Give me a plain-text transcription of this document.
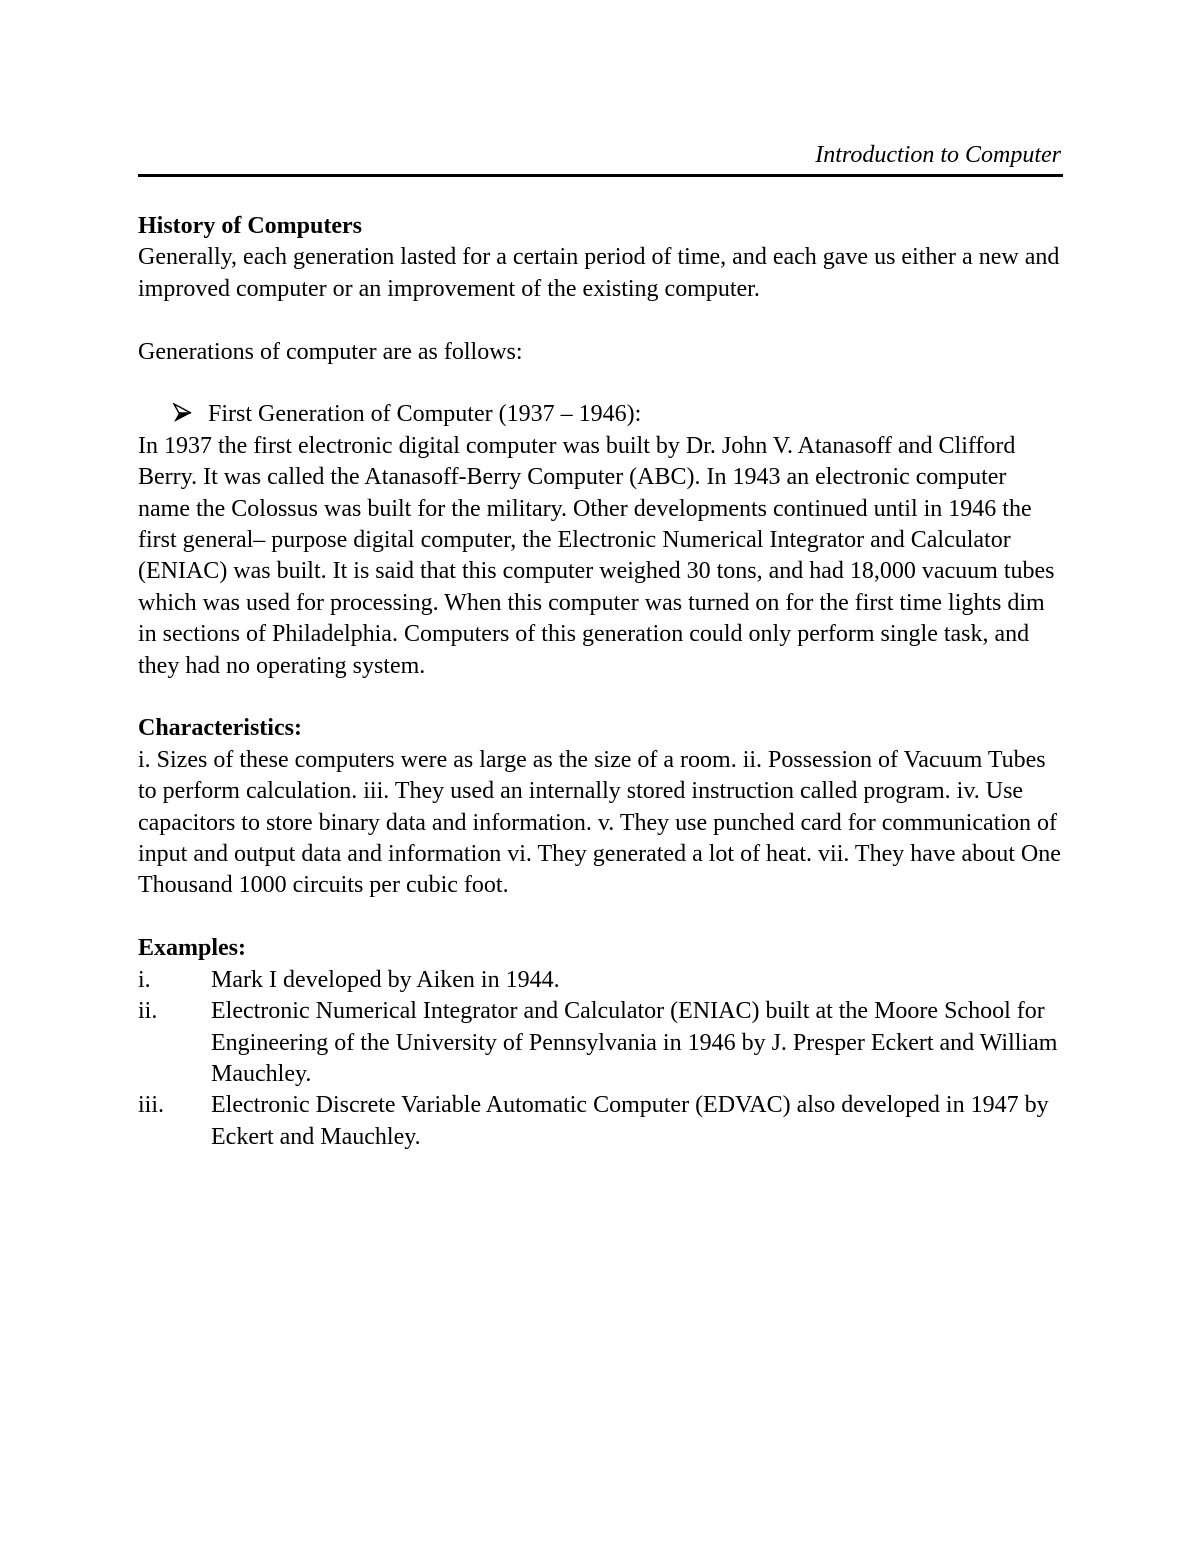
Introduction to Computer

History of Computers

Generally, each generation lasted for a certain period of time, and each gave us either a new and improved computer or an improvement of the existing computer.

Generations of computer are as follows:

First Generation of Computer (1937 – 1946):

In 1937 the first electronic digital computer was built by Dr. John V. Atanasoff and Clifford Berry. It was called the Atanasoff-Berry Computer (ABC). In 1943 an electronic computer name the Colossus was built for the military. Other developments continued until in 1946 the first general– purpose digital computer, the Electronic Numerical Integrator and Calculator (ENIAC) was built. It is said that this computer weighed 30 tons, and had 18,000 vacuum tubes which was used for processing. When this computer was turned on for the first time lights dim in sections of Philadelphia. Computers of this generation could only perform single task, and they had no operating system.

Characteristics:

i. Sizes of these computers were as large as the size of a room. ii. Possession of Vacuum Tubes to perform calculation. iii. They used an internally stored instruction called program. iv. Use capacitors to store binary data and information. v. They use punched card for communication of input and output data and information vi. They generated a lot of heat. vii. They have about One Thousand 1000 circuits per cubic foot.

Examples:

i.	Mark I developed by Aiken in 1944.
ii.	Electronic Numerical Integrator and Calculator (ENIAC) built at the Moore School for Engineering of the University of Pennsylvania in 1946 by J. Presper Eckert and William Mauchley.
iii.	Electronic Discrete Variable Automatic Computer (EDVAC) also developed in 1947 by Eckert and Mauchley.
